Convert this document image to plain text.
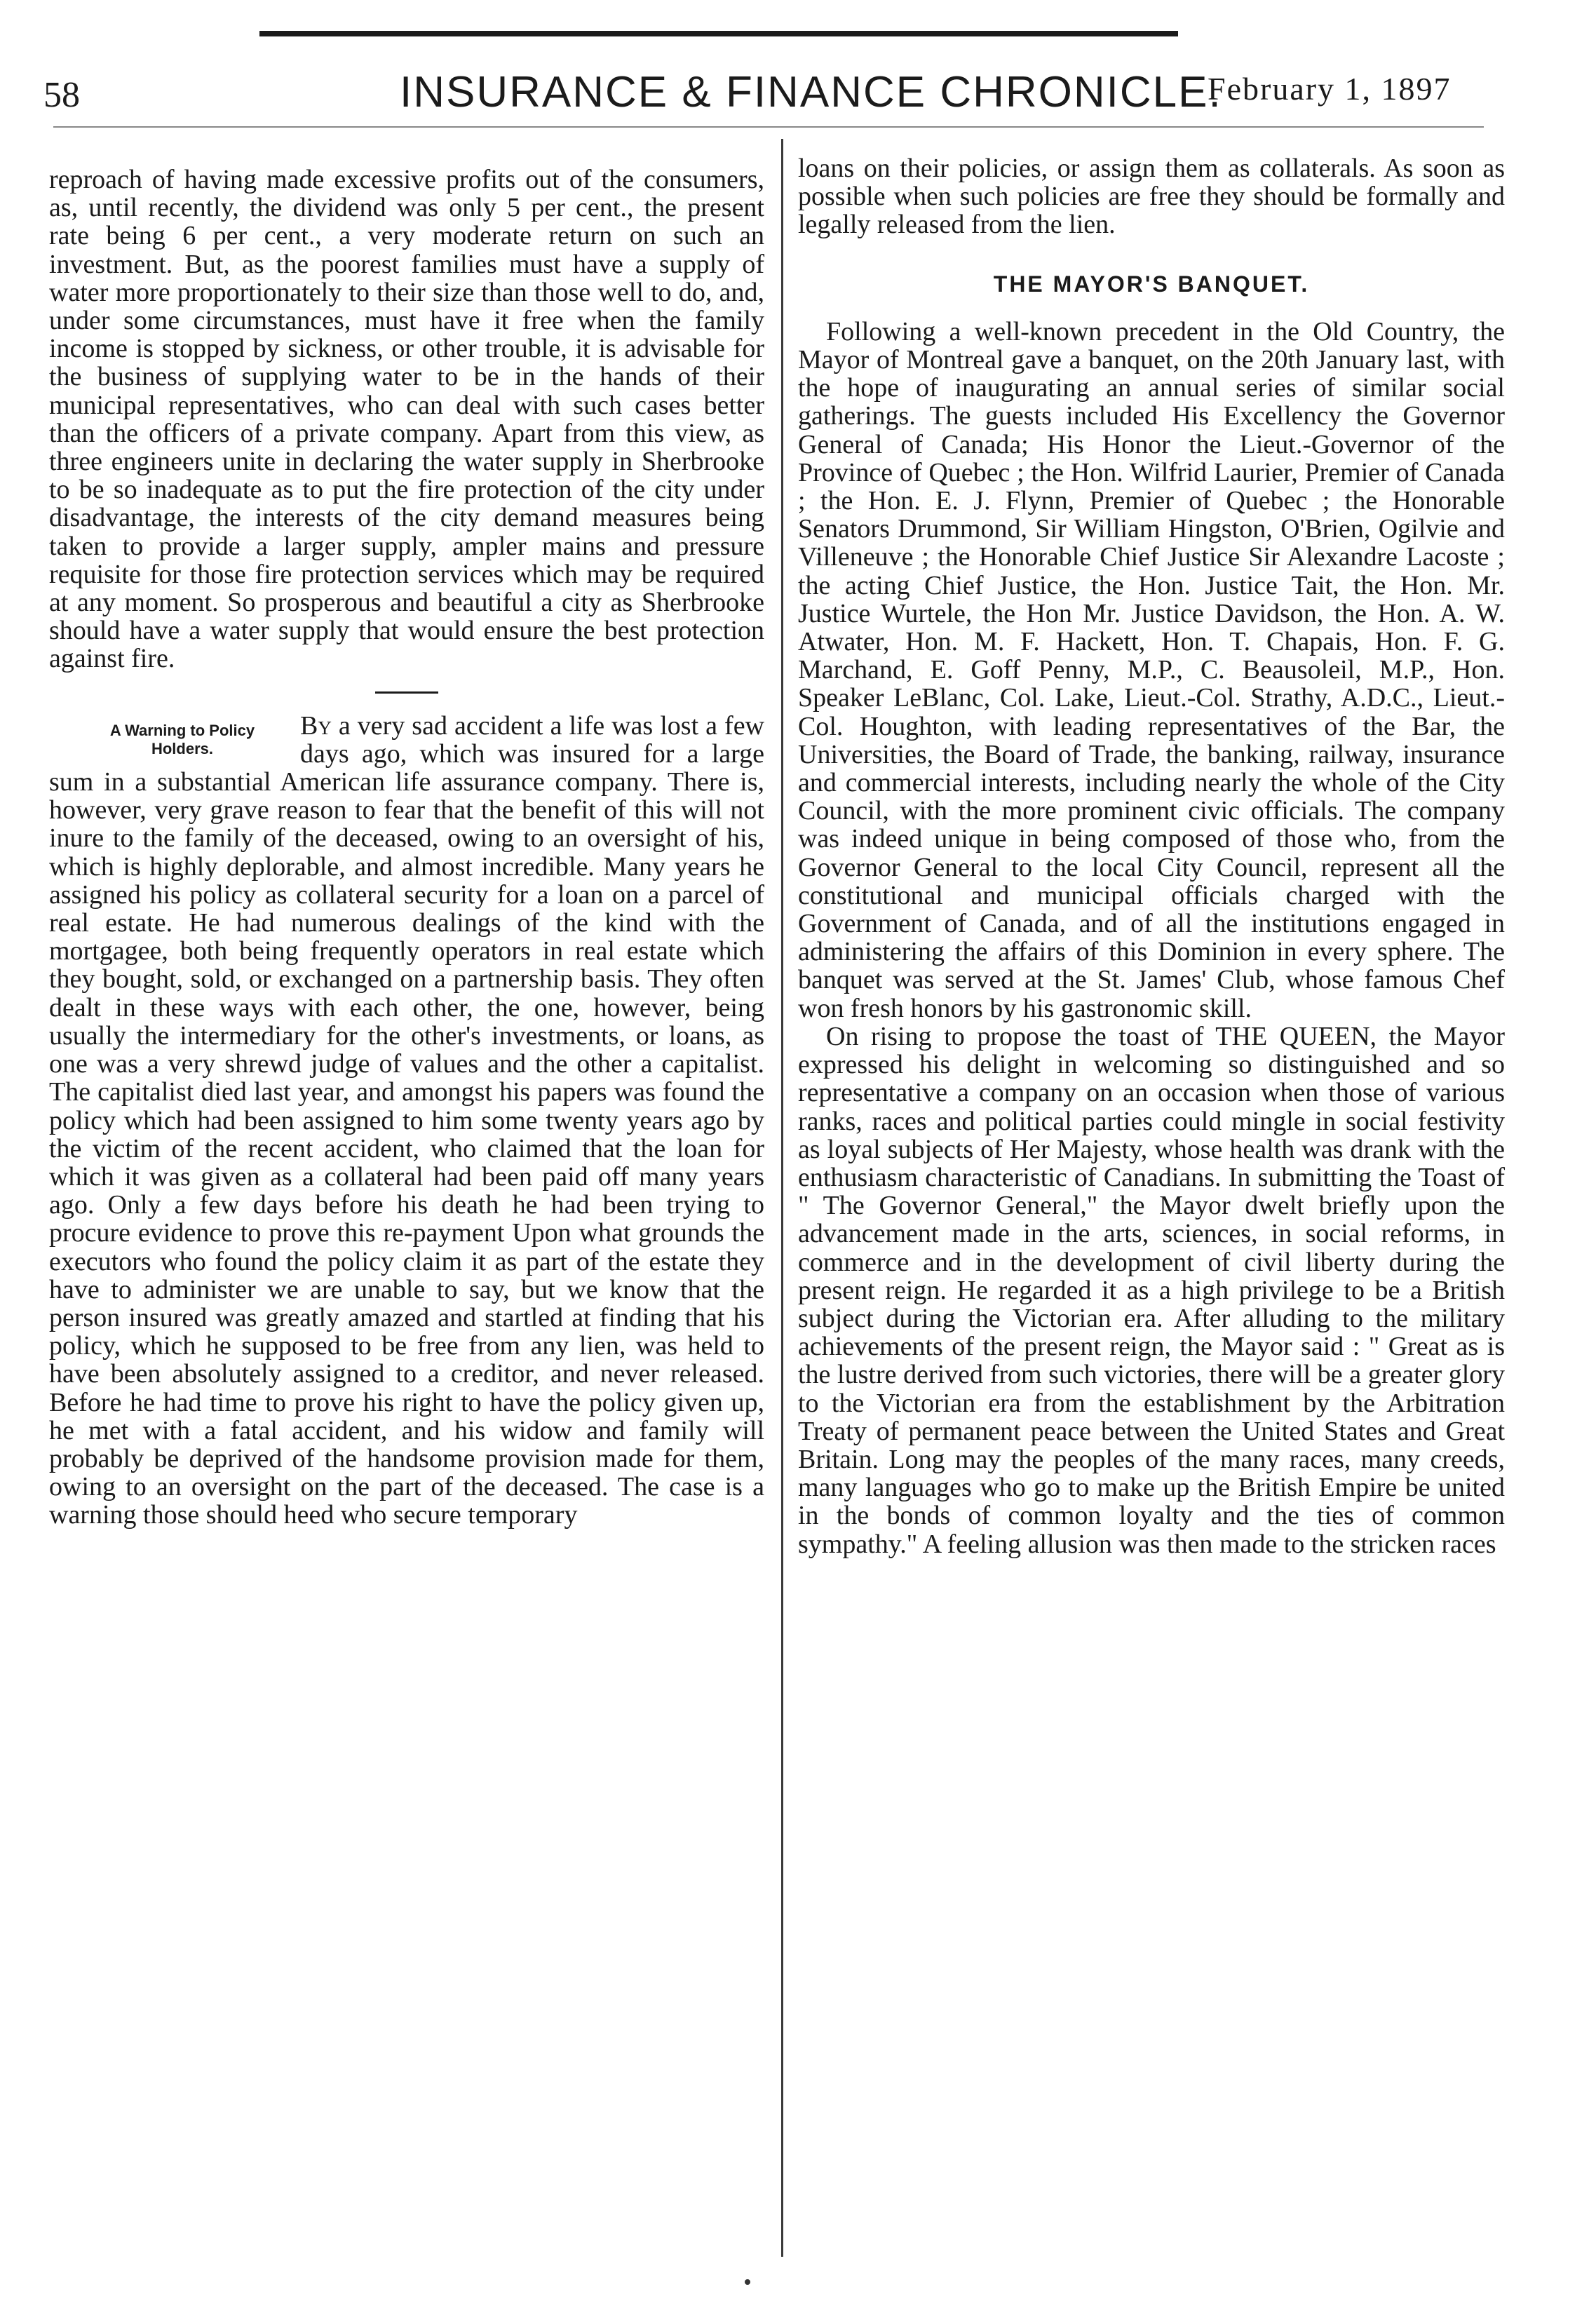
58	INSURANCE & FINANCE CHRONICLE.
February 1, 1897

reproach of having made excessive profits out of the consumers, as, until recently, the dividend was only 5 per cent., the present rate being 6 per cent., a very moderate return on such an investment. But, as the poorest families must have a supply of water more proportionately to their size than those well to do, and, under some circumstances, must have it free when the family income is stopped by sickness, or other trouble, it is advisable for the business of supplying water to be in the hands of their municipal representatives, who can deal with such cases better than the officers of a private company. Apart from this view, as three engineers unite in declaring the water supply in Sherbrooke to be so inadequate as to put the fire protection of the city under disadvantage, the interests of the city demand measures being taken to provide a larger supply, ampler mains and pressure requisite for those fire protection services which may be required at any moment. So prosperous and beautiful a city as Sherbrooke should have a water supply that would ensure the best protection against fire.

A Warning to Policy Holders.

By a very sad accident a life was lost a few days ago, which was insured for a large sum in a substantial American life assurance company. There is, however, very grave reason to fear that the benefit of this will not inure to the family of the deceased, owing to an oversight of his, which is highly deplorable, and almost incredible. Many years he assigned his policy as collateral security for a loan on a parcel of real estate. He had numerous dealings of the kind with the mortgagee, both being frequently operators in real estate which they bought, sold, or exchanged on a partnership basis. They often dealt in these ways with each other, the one, however, being usually the intermediary for the other's investments, or loans, as one was a very shrewd judge of values and the other a capitalist. The capitalist died last year, and amongst his papers was found the policy which had been assigned to him some twenty years ago by the victim of the recent accident, who claimed that the loan for which it was given as a collateral had been paid off many years ago. Only a few days before his death he had been trying to procure evidence to prove this re-payment Upon what grounds the executors who found the policy claim it as part of the estate they have to administer we are unable to say, but we know that the person insured was greatly amazed and startled at finding that his policy, which he supposed to be free from any lien, was held to have been absolutely assigned to a creditor, and never released. Before he had time to prove his right to have the policy given up, he met with a fatal accident, and his widow and family will probably be deprived of the handsome provision made for them, owing to an oversight on the part of the deceased. The case is a warning those should heed who secure temporary

loans on their policies, or assign them as collaterals. As soon as possible when such policies are free they should be formally and legally released from the lien.

THE MAYOR'S BANQUET.

Following a well-known precedent in the Old Country, the Mayor of Montreal gave a banquet, on the 20th January last, with the hope of inaugurating an annual series of similar social gatherings. The guests included His Excellency the Governor General of Canada; His Honor the Lieut.-Governor of the Province of Quebec ; the Hon. Wilfrid Laurier, Premier of Canada ; the Hon. E. J. Flynn, Premier of Quebec ; the Honorable Senators Drummond, Sir William Hingston, O'Brien, Ogilvie and Villeneuve ; the Honorable Chief Justice Sir Alexandre Lacoste ; the acting Chief Justice, the Hon. Justice Tait, the Hon. Mr. Justice Wurtele, the Hon Mr. Justice Davidson, the Hon. A. W. Atwater, Hon. M. F. Hackett, Hon. T. Chapais, Hon. F. G. Marchand, E. Goff Penny, M.P., C. Beausoleil, M.P., Hon. Speaker LeBlanc, Col. Lake, Lieut.-Col. Strathy, A.D.C., Lieut.-Col. Houghton, with leading representatives of the Bar, the Universities, the Board of Trade, the banking, railway, insurance and commercial interests, including nearly the whole of the City Council, with the more prominent civic officials. The company was indeed unique in being composed of those who, from the Governor General to the local City Council, represent all the constitutional and municipal officials charged with the Government of Canada, and of all the institutions engaged in administering the affairs of this Dominion in every sphere. The banquet was served at the St. James' Club, whose famous Chef won fresh honors by his gastronomic skill.

On rising to propose the toast of THE QUEEN, the Mayor expressed his delight in welcoming so distinguished and so representative a company on an occasion when those of various ranks, races and political parties could mingle in social festivity as loyal subjects of Her Majesty, whose health was drank with the enthusiasm characteristic of Canadians. In submitting the Toast of " The Governor General," the Mayor dwelt briefly upon the advancement made in the arts, sciences, in social reforms, in commerce and in the development of civil liberty during the present reign. He regarded it as a high privilege to be a British subject during the Victorian era. After alluding to the military achievements of the present reign, the Mayor said : " Great as is the lustre derived from such victories, there will be a greater glory to the Victorian era from the establishment by the Arbitration Treaty of permanent peace between the United States and Great Britain. Long may the peoples of the many races, many creeds, many languages who go to make up the British Empire be united in the bonds of common loyalty and the ties of common sympathy." A feeling allusion was then made to the stricken races
